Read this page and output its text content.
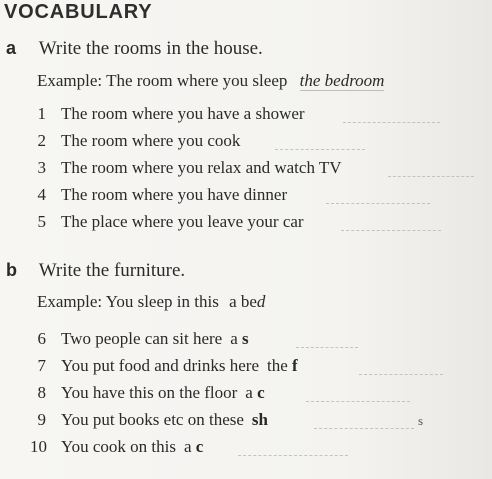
VOCABULARY
a Write the rooms in the house.
Example: The room where you sleep the bedroom
1 The room where you have a shower
2 The room where you cook
3 The room where you relax and watch TV
4 The room where you have dinner
5 The place where you leave your car
b Write the furniture.
Example: You sleep in this a bed
6 Two people can sit here a s
7 You put food and drinks here the f
8 You have this on the floor a c
9 You put books etc on these sh	s
10 You cook on this a c
